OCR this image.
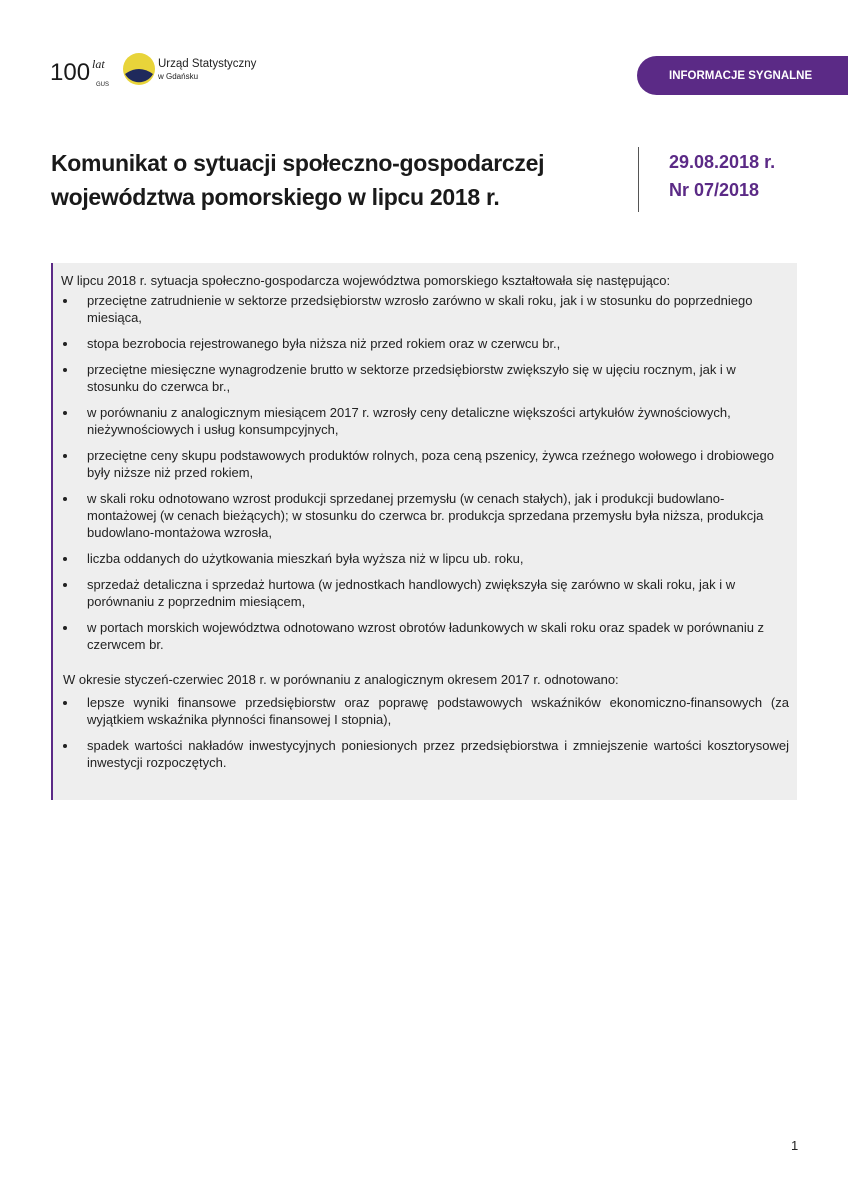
100 lat
GUS
Urząd Statystyczny
w Gdańsku	INFORMACJE SYGNALNE
Komunikat o sytuacji społeczno-gospodarczej
województwa pomorskiego w lipcu 2018 r.
29.08.2018 r.
Nr 07/2018

W lipcu 2018 r. sytuacja społeczno-gospodarcza województwa pomorskiego kształtowała się następująco:

przeciętne zatrudnienie w sektorze przedsiębiorstw wzrosło zarówno w skali roku, jak i w stosunku do poprzedniego miesiąca,
stopa bezrobocia rejestrowanego była niższa niż przed rokiem oraz w czerwcu br.,
przeciętne miesięczne wynagrodzenie brutto w sektorze przedsiębiorstw zwiększyło się w ujęciu rocznym, jak i w stosunku do czerwca br.,
w porównaniu z analogicznym miesiącem 2017 r. wzrosły ceny detaliczne większości artykułów żywnościowych, nieżywnościowych i usług konsumpcyjnych,
przeciętne ceny skupu podstawowych produktów rolnych, poza ceną pszenicy, żywca rzeźnego wołowego i drobiowego były niższe niż przed rokiem,
w skali roku odnotowano wzrost produkcji sprzedanej przemysłu (w cenach stałych), jak i produkcji budowlano-montażowej (w cenach bieżących); w stosunku do czerwca br. produkcja sprzedana przemysłu była niższa, produkcja budowlano-montażowa wzrosła,
liczba oddanych do użytkowania mieszkań była wyższa niż w lipcu ub. roku,
sprzedaż detaliczna i sprzedaż hurtowa (w jednostkach handlowych) zwiększyła się zarówno w skali roku, jak i w porównaniu z poprzednim miesiącem,
w portach morskich województwa odnotowano wzrost obrotów ładunkowych w skali roku oraz spadek w porównaniu z czerwcem br.

W okresie styczeń-czerwiec 2018 r. w porównaniu z analogicznym okresem 2017 r. odnotowano:

lepsze wyniki finansowe przedsiębiorstw oraz poprawę podstawowych wskaźników ekonomiczno-finansowych (za wyjątkiem wskaźnika płynności finansowej I stopnia),
spadek wartości nakładów inwestycyjnych poniesionych przez przedsiębiorstwa i zmniejszenie wartości kosztorysowej inwestycji rozpoczętych.
1
